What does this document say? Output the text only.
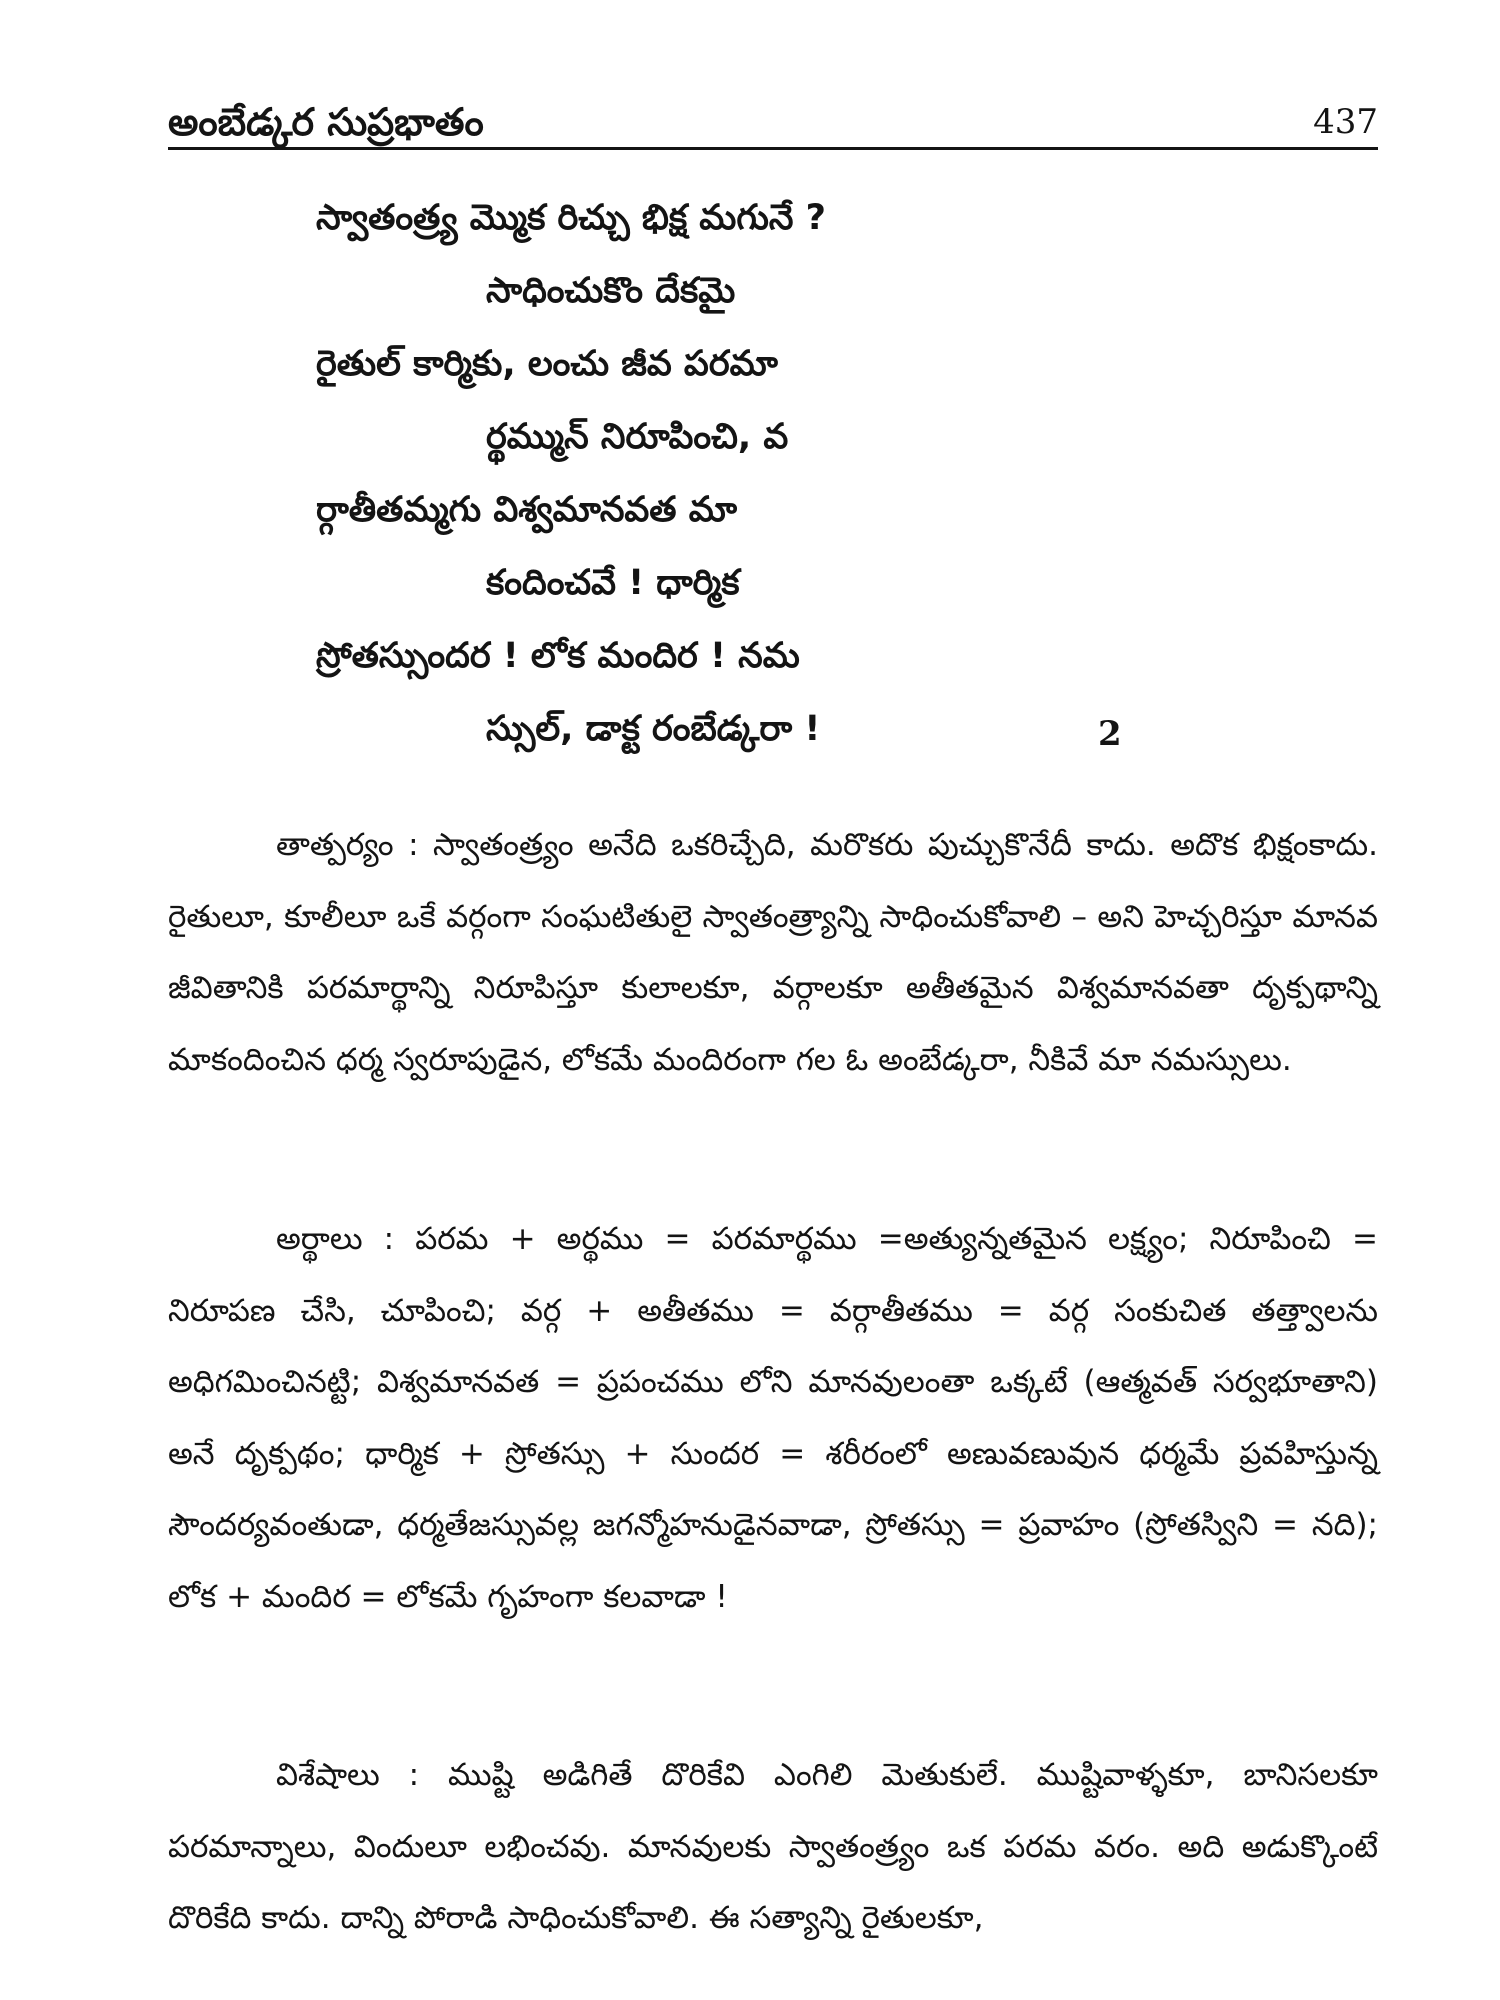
అంబేడ్కర సుప్రభాతం	437
స్వాతంత్ర్య మ్మొక రిచ్చు భిక్ష మగునే ?
సాధించుకొం దేకమై
రైతుల్ కార్మికు, లంచు జీవ పరమా
ర్థమ్మున్ నిరూపించి, వ
ర్గాతీతమ్మగు విశ్వమానవత మా
కందించవే ! ధార్మిక
స్రోతస్సుందర ! లోక మందిర ! నమ
స్సుల్, డాక్ట రంబేడ్కరా !	2

తాత్పర్యం : స్వాతంత్ర్యం అనేది ఒకరిచ్చేది, మరొకరు పుచ్చుకొనేదీ కాదు. అదొక భిక్షంకాదు. రైతులూ, కూలీలూ ఒకే వర్గంగా సంఘటితులై స్వాతంత్ర్యాన్ని సాధించుకోవాలి – అని హెచ్చరిస్తూ మానవ జీవితానికి పరమార్థాన్ని నిరూపిస్తూ కులాలకూ, వర్గాలకూ అతీతమైన విశ్వమానవతా దృక్పథాన్ని మాకందించిన ధర్మ స్వరూపుడైన, లోకమే మందిరంగా గల ఓ అంబేడ్కరా, నీకివే మా నమస్సులు.

అర్థాలు : పరమ + అర్థము = పరమార్థము =అత్యున్నతమైన లక్ష్యం; నిరూపించి = నిరూపణ చేసి, చూపించి; వర్గ + అతీతము = వర్గాతీతము = వర్గ సంకుచిత తత్త్వాలను అధిగమించినట్టి; విశ్వమానవత = ప్రపంచము లోని మానవులంతా ఒక్కటే (ఆత్మవత్ సర్వభూతాని) అనే దృక్పథం; ధార్మిక + స్రోతస్సు + సుందర = శరీరంలో అణువణువున ధర్మమే ప్రవహిస్తున్న సౌందర్యవంతుడా, ధర్మతేజస్సువల్ల జగన్మోహనుడైనవాడా, స్రోతస్సు = ప్రవాహం (స్రోతస్విని = నది); లోక + మందిర = లోకమే గృహంగా కలవాడా !

విశేషాలు : ముష్టి అడిగితే దొరికేవి ఎంగిలి మెతుకులే. ముష్టివాళ్ళకూ, బానిసలకూ పరమాన్నాలు, విందులూ లభించవు. మానవులకు స్వాతంత్ర్యం ఒక పరమ వరం. అది అడుక్కొంటే దొరికేది కాదు. దాన్ని పోరాడి సాధించుకోవాలి. ఈ సత్యాన్ని రైతులకూ,
